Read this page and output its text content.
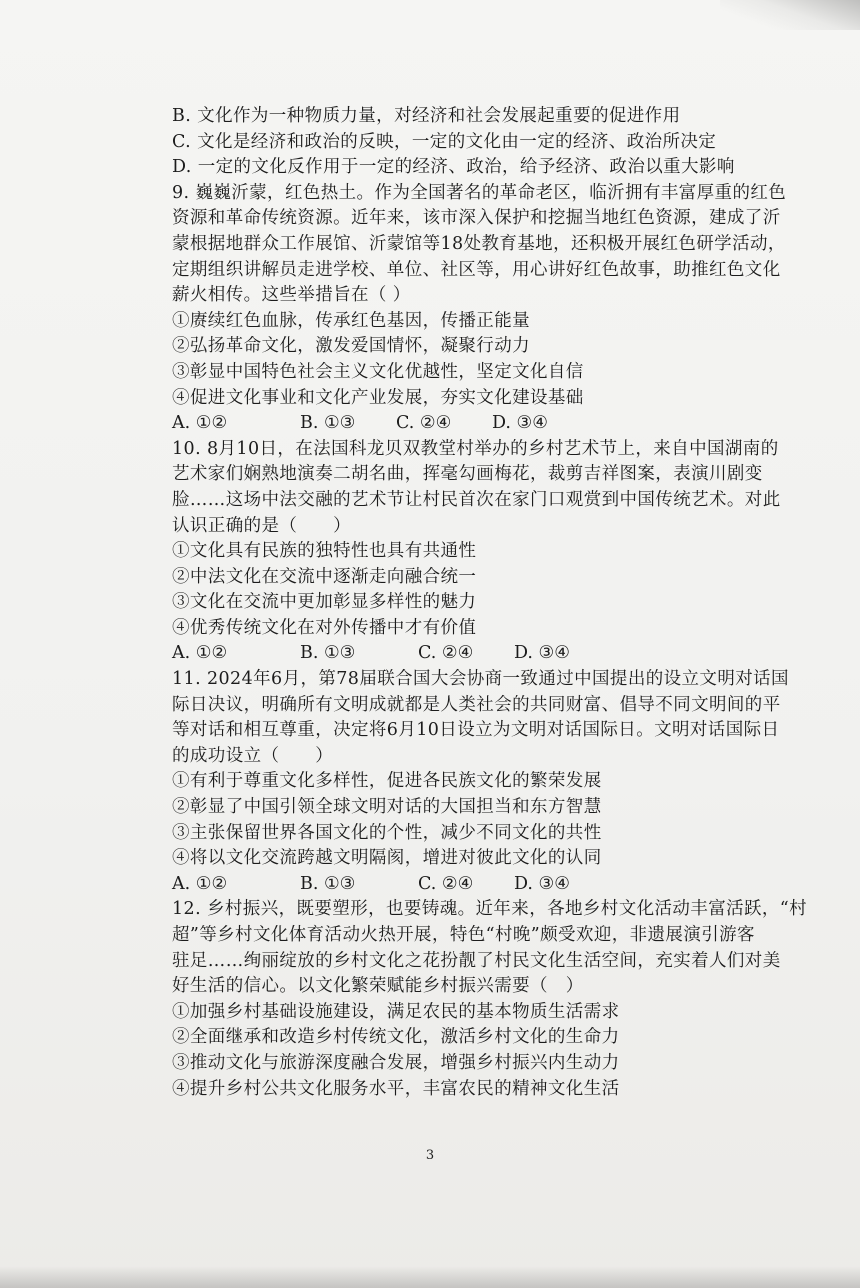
B. 文化作为一种物质力量，对经济和社会发展起重要的促进作用
C. 文化是经济和政治的反映，一定的文化由一定的经济、政治所决定
D. 一定的文化反作用于一定的经济、政治，给予经济、政治以重大影响
9. 巍巍沂蒙，红色热土。作为全国著名的革命老区，临沂拥有丰富厚重的红色
资源和革命传统资源。近年来，该市深入保护和挖掘当地红色资源，建成了沂
蒙根据地群众工作展馆、沂蒙馆等18处教育基地，还积极开展红色研学活动，
定期组织讲解员走进学校、单位、社区等，用心讲好红色故事，助推红色文化
薪火相传。这些举措旨在（ ）
①赓续红色血脉，传承红色基因，传播正能量
②弘扬革命文化，激发爱国情怀，凝聚行动力
③彰显中国特色社会主义文化优越性，坚定文化自信
④促进文化事业和文化产业发展，夯实文化建设基础
A. ①②	B. ①③ C. ②④ D. ③④
10. 8月10日，在法国科龙贝双教堂村举办的乡村艺术节上，来自中国湖南的
艺术家们娴熟地演奏二胡名曲，挥毫勾画梅花，裁剪吉祥图案，表演川剧变
脸……这场中法交融的艺术节让村民首次在家门口观赏到中国传统艺术。对此
认识正确的是（　　）
①文化具有民族的独特性也具有共通性
②中法文化在交流中逐渐走向融合统一
③文化在交流中更加彰显多样性的魅力
④优秀传统文化在对外传播中才有价值
A. ①②	B. ①③	C. ②④ D. ③④
11. 2024年6月，第78届联合国大会协商一致通过中国提出的设立文明对话国
际日决议，明确所有文明成就都是人类社会的共同财富、倡导不同文明间的平
等对话和相互尊重，决定将6月10日设立为文明对话国际日。文明对话国际日
的成功设立（　　）
①有利于尊重文化多样性，促进各民族文化的繁荣发展
②彰显了中国引领全球文明对话的大国担当和东方智慧
③主张保留世界各国文化的个性，减少不同文化的共性
④将以文化交流跨越文明隔阂，增进对彼此文化的认同
A. ①②	B. ①③	C. ②④ D. ③④
12. 乡村振兴，既要塑形，也要铸魂。近年来，各地乡村文化活动丰富活跃，“村
超”等乡村文化体育活动火热开展，特色“村晚”颇受欢迎，非遗展演引游客
驻足……绚丽绽放的乡村文化之花扮靓了村民文化生活空间，充实着人们对美
好生活的信心。以文化繁荣赋能乡村振兴需要（　）
①加强乡村基础设施建设，满足农民的基本物质生活需求
②全面继承和改造乡村传统文化，激活乡村文化的生命力
③推动文化与旅游深度融合发展，增强乡村振兴内生动力
④提升乡村公共文化服务水平，丰富农民的精神文化生活
3
